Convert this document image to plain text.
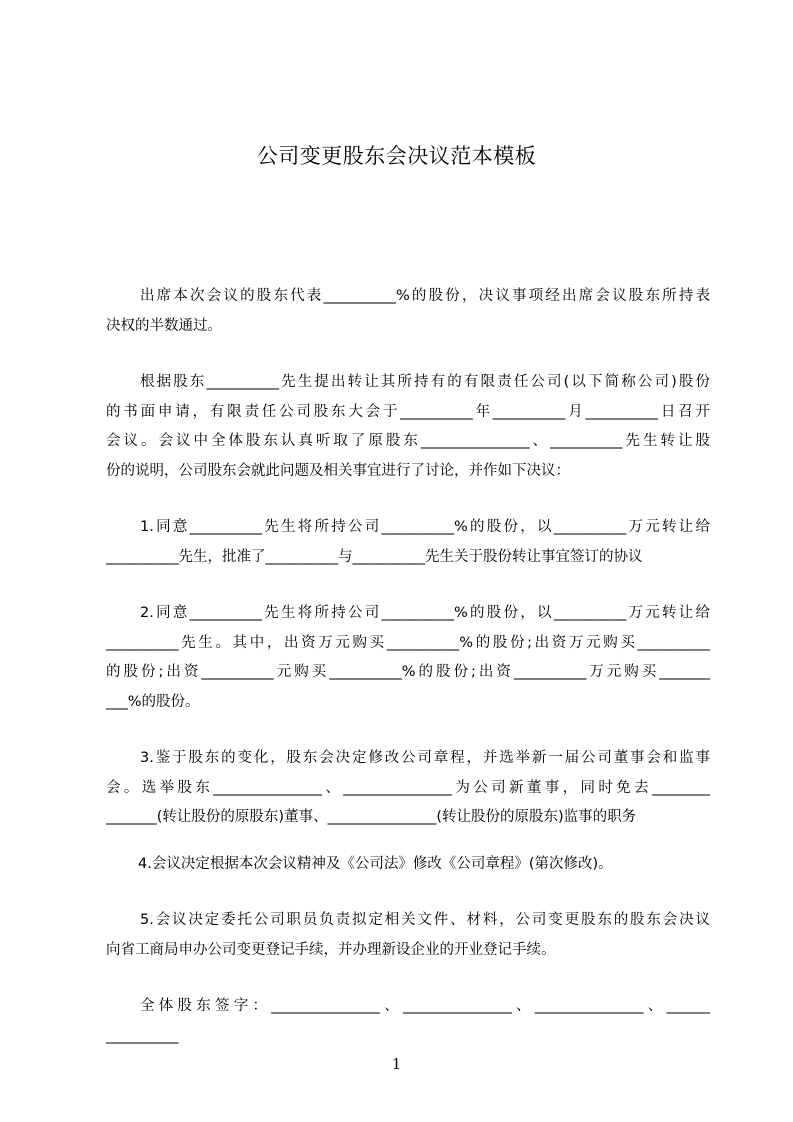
公司变更股东会决议范本模板
出席本次会议的股东代表__________%的股份，决议事项经出席会议股东所持表
决权的半数通过。
根据股东__________先生提出转让其所持有的有限责任公司(以下简称公司)股份
的书面申请，有限责任公司股东大会于__________年__________月__________日召开
会议。会议中全体股东认真听取了原股东_______________、__________先生转让股
份的说明，公司股东会就此问题及相关事宜进行了讨论，并作如下决议：
1.同意__________先生将所持公司__________%的股份，以__________万元转让给
__________先生，批准了__________与__________先生关于股份转让事宜签订的协议
2.同意__________先生将所持公司__________%的股份，以__________万元转让给
__________先生。其中，出资万元购买__________%的股份;出资万元购买__________
的股份;出资__________元购买__________%的股份;出资__________万元购买_______
___%的股份。
3.鉴于股东的变化，股东会决定修改公司章程，并选举新一届公司董事会和监事
会。选举股东_______________、_______________为公司新董事，同时免去________
_______(转让股份的原股东)董事、_______________(转让股份的原股东)监事的职务
4.会议决定根据本次会议精神及《公司法》修改《公司章程》(第次修改)。
5.会议决定委托公司职员负责拟定相关文件、材料，公司变更股东的股东会决议
向省工商局申办公司变更登记手续，并办理新设企业的开业登记手续。
全体股东签字：_______________、_______________、_______________、______
__________
1
